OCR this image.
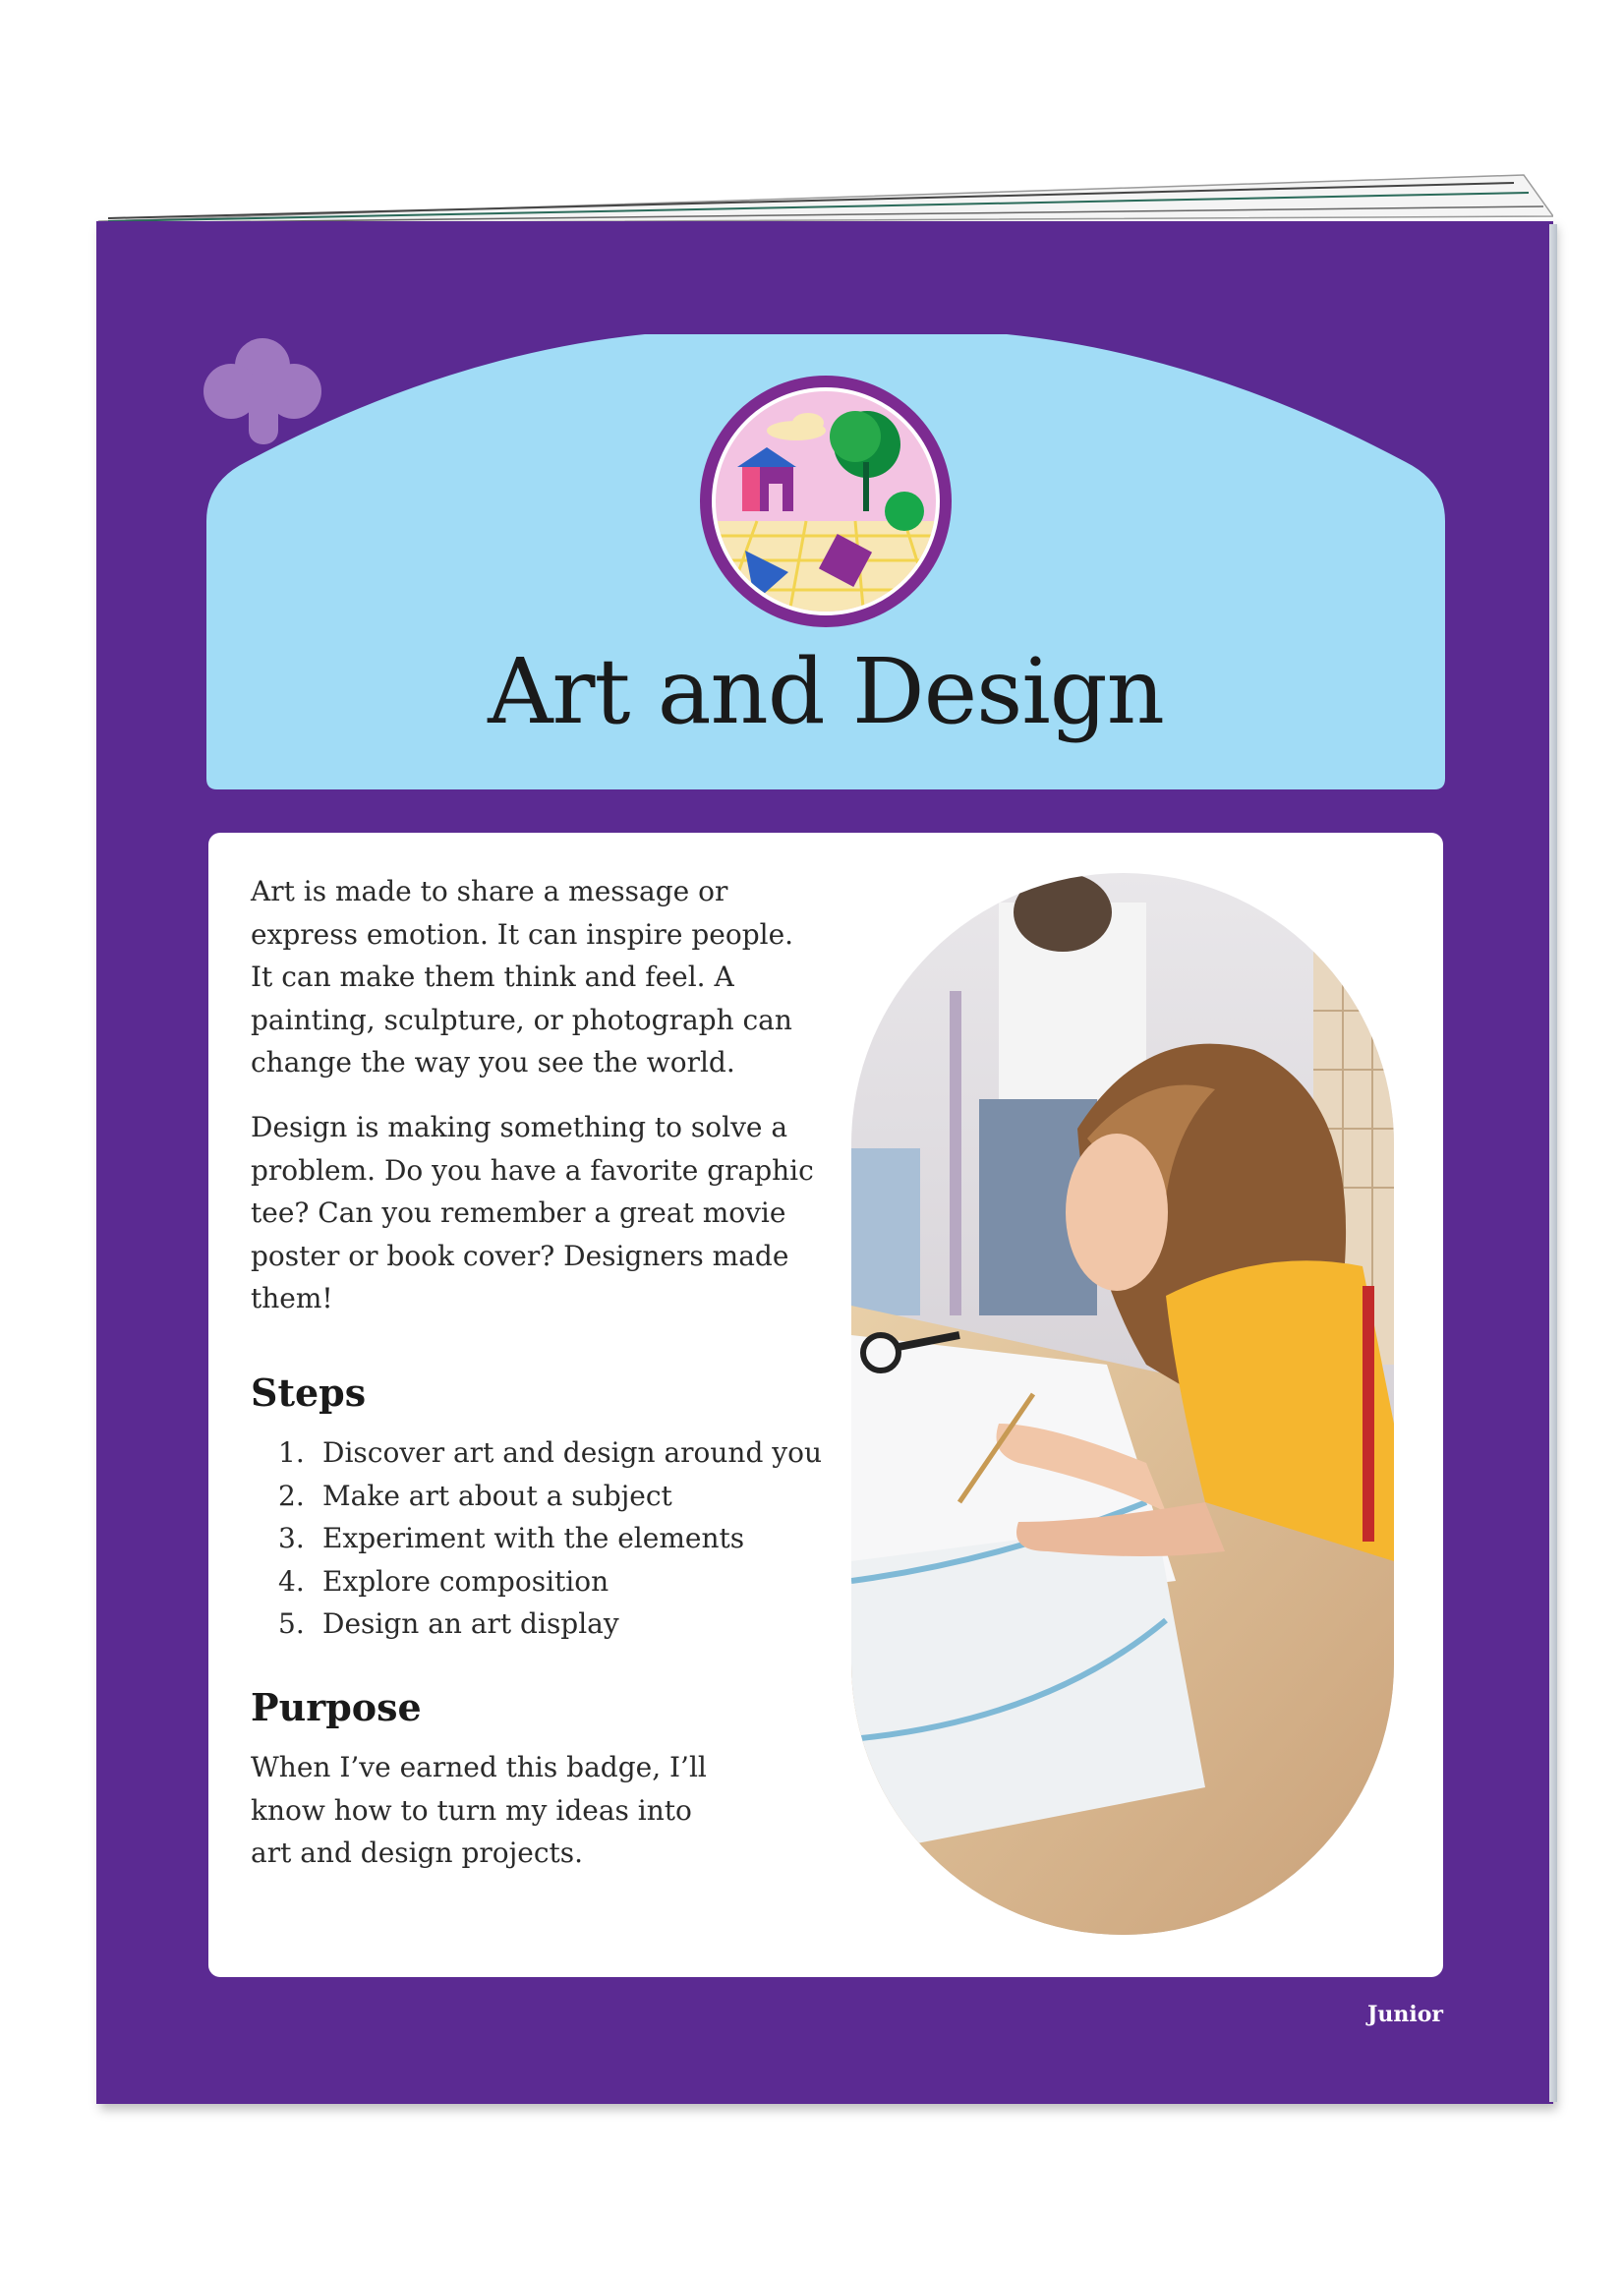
Art and Design

Art is made to share a message or express emotion. It can inspire people. It can make them think and feel. A painting, sculpture, or photograph can change the way you see the world.

Design is making something to solve a problem. Do you have a favorite graphic tee? Can you remember a great movie poster or book cover? Designers made them!

Steps
1. Discover art and design around you
2. Make art about a subject
3. Experiment with the elements
4. Explore composition
5. Design an art display
Purpose

When I’ve earned this badge, I’ll know how to turn my ideas into art and design projects.

Junior
